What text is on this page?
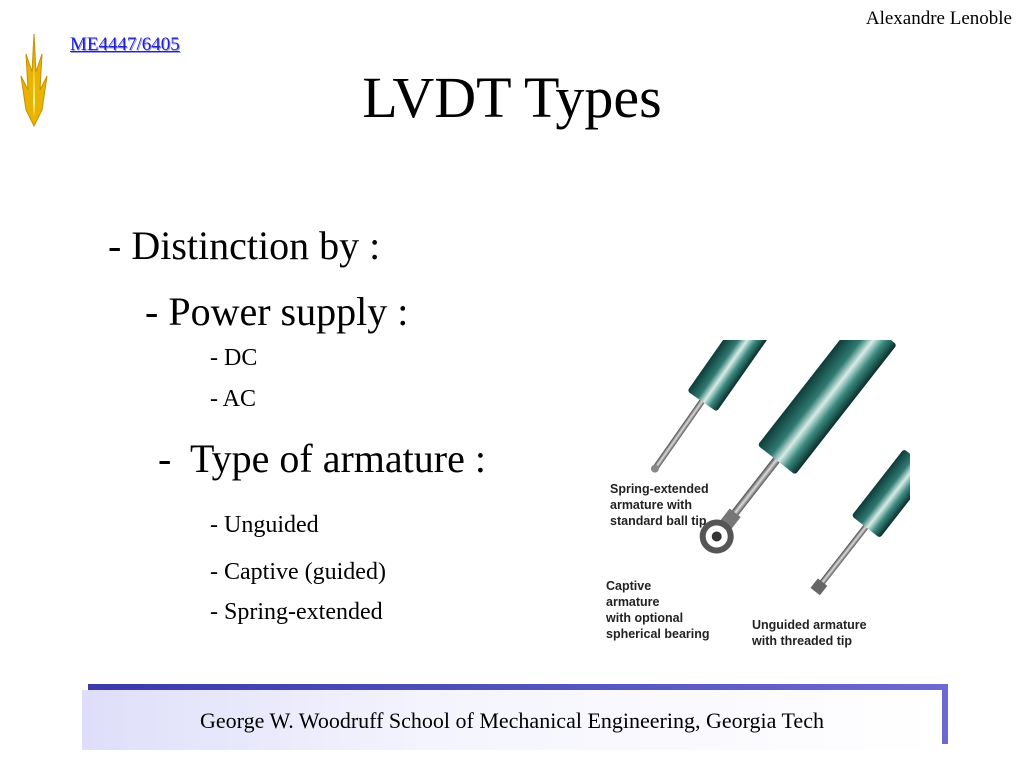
Alexandre Lenoble
ME4447/6405
LVDT Types
- Distinction by :
- Power supply :
- DC
- AC
- Type of armature :
- Unguided
- Captive (guided)
- Spring-extended
Spring-extended armature with standard ball tip
Captive armature with optional spherical bearing
Unguided armature with threaded tip
George W. Woodruff School of Mechanical Engineering, Georgia Tech
